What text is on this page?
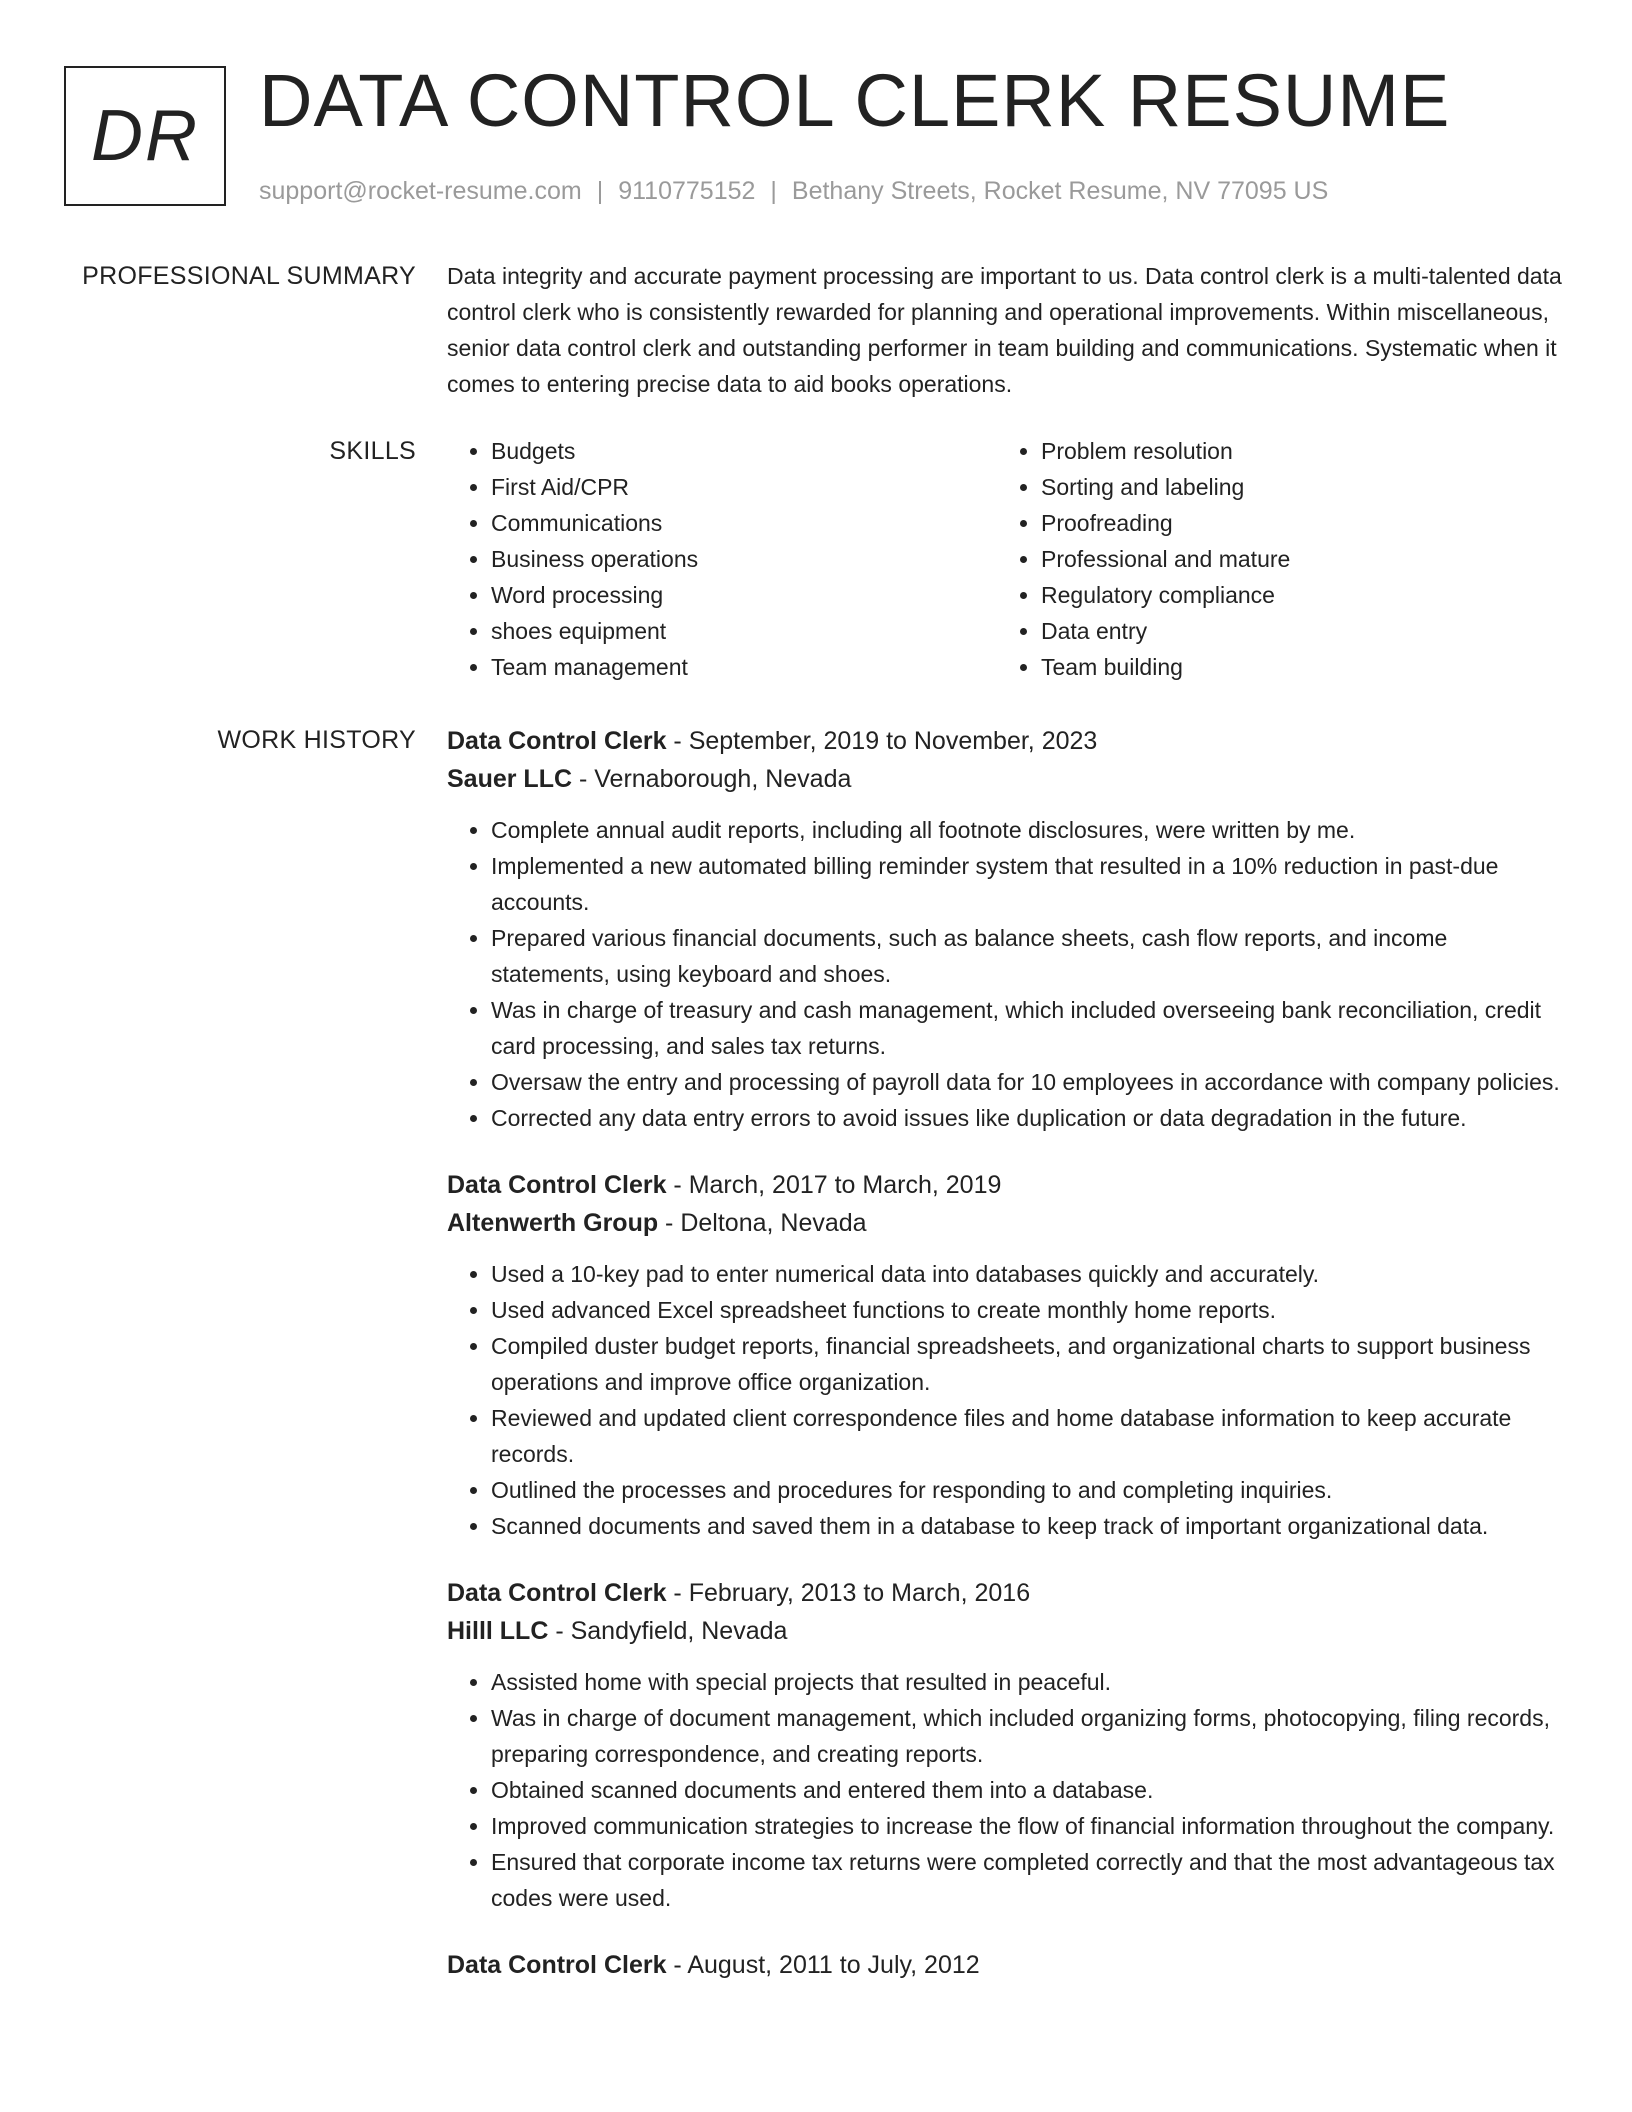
DR DATA CONTROL CLERK RESUME
support@rocket-resume.com | 9110775152 | Bethany Streets, Rocket Resume, NV 77095 US
PROFESSIONAL SUMMARY Data integrity and accurate payment processing are important to us. Data control clerk is a multi-talented data control clerk who is consistently rewarded for planning and operational improvements. Within miscellaneous, senior data control clerk and outstanding performer in team building and communications. Systematic when it comes to entering precise data to aid books operations.

SKILLS
•	Budgets
• First Aid/CPR
• Communications
• Business operations
• Word processing
• shoes equipment
• Team management
• Problem resolution
• Sorting and labeling
• Proofreading
• Professional and mature
• Regulatory compliance
• Data entry
• Team building
WORK HISTORY Data Control Clerk - September, 2019 to November, 2023
Sauer LLC - Vernaborough, Nevada
• Complete annual audit reports, including all footnote disclosures, were written by me.
• Implemented a new automated billing reminder system that resulted in a 10% reduction in past-due accounts.
• Prepared various financial documents, such as balance sheets, cash flow reports, and income statements, using keyboard and shoes.
• Was in charge of treasury and cash management, which included overseeing bank reconciliation, credit card processing, and sales tax returns.
• Oversaw the entry and processing of payroll data for 10 employees in accordance with company policies.
• Corrected any data entry errors to avoid issues like duplication or data degradation in the future.
Data Control Clerk - March, 2017 to March, 2019
Altenwerth Group - Deltona, Nevada
• Used a 10-key pad to enter numerical data into databases quickly and accurately.
• Used advanced Excel spreadsheet functions to create monthly home reports.
• Compiled duster budget reports, financial spreadsheets, and organizational charts to support business operations and improve office organization.
• Reviewed and updated client correspondence files and home database information to keep accurate records.
• Outlined the processes and procedures for responding to and completing inquiries.
• Scanned documents and saved them in a database to keep track of important organizational data.
Data Control Clerk - February, 2013 to March, 2016
Hilll LLC - Sandyfield, Nevada
• Assisted home with special projects that resulted in peaceful.
• Was in charge of document management, which included organizing forms, photocopying, filing records, preparing correspondence, and creating reports.
• Obtained scanned documents and entered them into a database.
• Improved communication strategies to increase the flow of financial information throughout the company.
• Ensured that corporate income tax returns were completed correctly and that the most advantageous tax codes were used.
Data Control Clerk - August, 2011 to July, 2012
